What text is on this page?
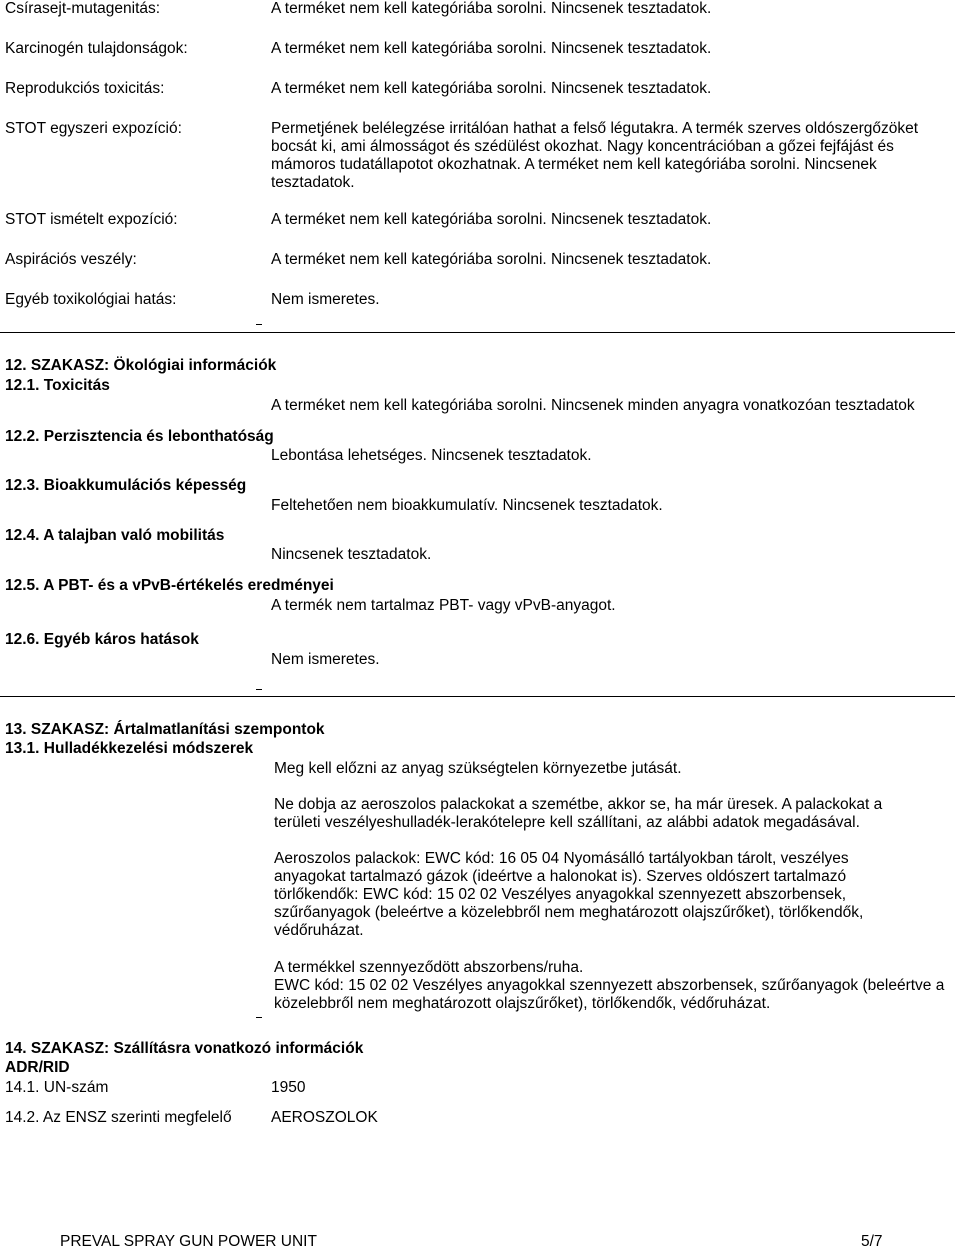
Csírasejt-mutagenitás:	A terméket nem kell kategóriába sorolni. Nincsenek tesztadatok.
Karcinogén tulajdonságok:	A terméket nem kell kategóriába sorolni. Nincsenek tesztadatok.
Reprodukciós toxicitás:	A terméket nem kell kategóriába sorolni. Nincsenek tesztadatok.
STOT egyszeri expozíció:	Permetjének belélegzése irritálóan hathat a felső légutakra. A termék szerves oldószergőzöket bocsát ki, ami álmosságot és szédülést okozhat. Nagy koncentrációban a gőzei fejfájást és mámoros tudatállapotot okozhatnak. A terméket nem kell kategóriába sorolni. Nincsenek tesztadatok.
STOT ismételt expozíció:	A terméket nem kell kategóriába sorolni. Nincsenek tesztadatok.
Aspirációs veszély:	A terméket nem kell kategóriába sorolni. Nincsenek tesztadatok.
Egyéb toxikológiai hatás:	Nem ismeretes.
12. SZAKASZ: Ökológiai információk
12.1. Toxicitás
A terméket nem kell kategóriába sorolni. Nincsenek minden anyagra vonatkozóan tesztadatok
12.2. Perzisztencia és lebonthatóság
Lebontása lehetséges. Nincsenek tesztadatok.
12.3. Bioakkumulációs képesség
Feltehetően nem bioakkumulatív. Nincsenek tesztadatok.
12.4. A talajban való mobilitás
Nincsenek tesztadatok.
12.5. A PBT- és a vPvB-értékelés eredményei
A termék nem tartalmaz PBT- vagy vPvB-anyagot.
12.6. Egyéb káros hatások
Nem ismeretes.
13. SZAKASZ: Ártalmatlanítási szempontok
13.1. Hulladékkezelési módszerek
Meg kell előzni az anyag szükségtelen környezetbe jutását.
Ne dobja az aeroszolos palackokat a szemétbe, akkor se, ha már üresek. A palackokat a területi veszélyeshulladék-lerakótelepre kell szállítani, az alábbi adatok megadásával.
Aeroszolos palackok: EWC kód: 16 05 04 Nyomásálló tartályokban tárolt, veszélyes anyagokat tartalmazó gázok (ideértve a halonokat is). Szerves oldószert tartalmazó törlőkendők: EWC kód: 15 02 02 Veszélyes anyagokkal szennyezett abszorbensek, szűrőanyagok (beleértve a közelebbről nem meghatározott olajszűrőket), törlőkendők, védőruházat.
A termékkel szennyeződött abszorbens/ruha.
EWC kód: 15 02 02 Veszélyes anyagokkal szennyezett abszorbensek, szűrőanyagok (beleértve a közelebbről nem meghatározott olajszűrőket), törlőkendők, védőruházat.
14. SZAKASZ: Szállításra vonatkozó információk
ADR/RID
14.1. UN-szám	1950
14.2. Az ENSZ szerinti megfelelő	AEROSZOLOK
PREVAL SPRAY GUN POWER UNIT	5/7
